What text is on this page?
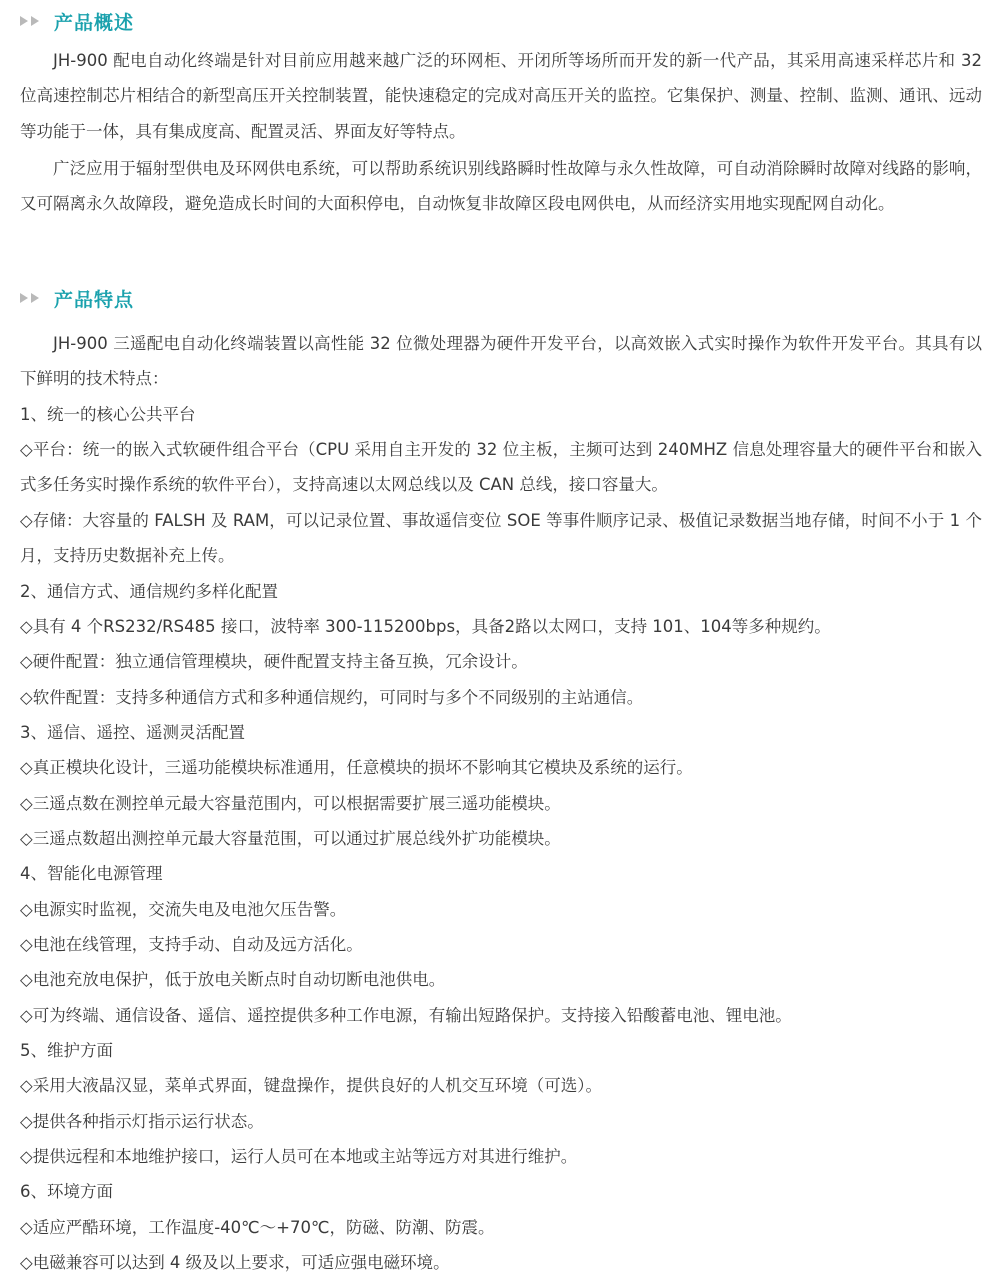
产品概述

JH-900 配电自动化终端是针对目前应用越来越广泛的环网柜、开闭所等场所而开发的新一代产品，其采用高速采样芯片和 32 位高速控制芯片相结合的新型高压开关控制装置，能快速稳定的完成对高压开关的监控。它集保护、测量、控制、监测、通讯、远动等功能于一体，具有集成度高、配置灵活、界面友好等特点。

广泛应用于辐射型供电及环网供电系统，可以帮助系统识别线路瞬时性故障与永久性故障，可自动消除瞬时故障对线路的影响，又可隔离永久故障段，避免造成长时间的大面积停电，自动恢复非故障区段电网供电，从而经济实用地实现配网自动化。

产品特点

JH-900 三遥配电自动化终端装置以高性能 32 位微处理器为硬件开发平台，以高效嵌入式实时操作为软件开发平台。其具有以下鲜明的技术特点：

1、统一的核心公共平台

◇平台：统一的嵌入式软硬件组合平台（CPU 采用自主开发的 32 位主板，主频可达到 240MHZ 信息处理容量大的硬件平台和嵌入式多任务实时操作系统的软件平台），支持高速以太网总线以及 CAN 总线，接口容量大。

◇存储：大容量的 FALSH 及 RAM，可以记录位置、事故遥信变位 SOE 等事件顺序记录、极值记录数据当地存储，时间不小于 1 个月，支持历史数据补充上传。

2、通信方式、通信规约多样化配置

◇具有 4 个RS232/RS485 接口，波特率 300-115200bps，具备2路以太网口，支持 101、104等多种规约。

◇硬件配置：独立通信管理模块，硬件配置支持主备互换，冗余设计。

◇软件配置：支持多种通信方式和多种通信规约，可同时与多个不同级别的主站通信。

3、遥信、遥控、遥测灵活配置

◇真正模块化设计，三遥功能模块标准通用，任意模块的损坏不影响其它模块及系统的运行。

◇三遥点数在测控单元最大容量范围内，可以根据需要扩展三遥功能模块。

◇三遥点数超出测控单元最大容量范围，可以通过扩展总线外扩功能模块。

4、智能化电源管理

◇电源实时监视，交流失电及电池欠压告警。

◇电池在线管理，支持手动、自动及远方活化。

◇电池充放电保护，低于放电关断点时自动切断电池供电。

◇可为终端、通信设备、遥信、遥控提供多种工作电源，有输出短路保护。支持接入铅酸蓄电池、锂电池。

5、维护方面

◇采用大液晶汉显，菜单式界面，键盘操作，提供良好的人机交互环境（可选）。

◇提供各种指示灯指示运行状态。

◇提供远程和本地维护接口，运行人员可在本地或主站等远方对其进行维护。

6、环境方面

◇适应严酷环境，工作温度-40℃～+70℃，防磁、防潮、防震。

◇电磁兼容可以达到 4 级及以上要求，可适应强电磁环境。
